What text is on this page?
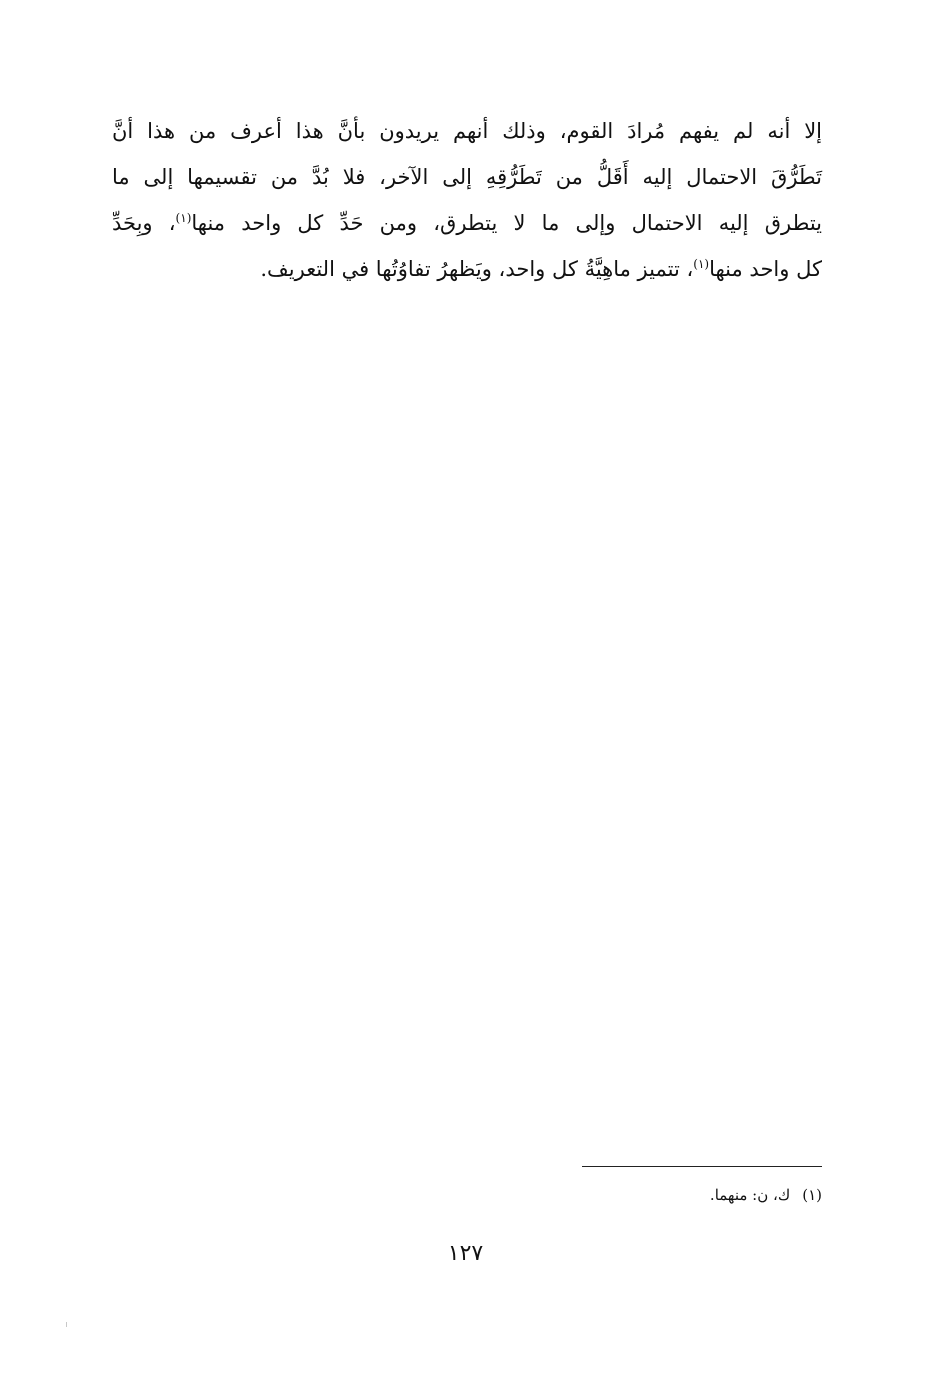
إلا أنه لم يفهم مُرادَ القوم، وذلك أنهم يريدون بأنَّ هذا أعرف من هذا أنَّ
تَطَرُّقَ الاحتمال إليه أَقَلُّ من تَطَرُّقِهِ إلى الآخر، فلا بُدَّ من تقسيمها إلى ما
يتطرق إليه الاحتمال وإلى ما لا يتطرق، ومن حَدِّ كل واحد منها$^{(١)}$، وبِحَدِّ
كل واحد منها$^{(١)}$، تتميز ماهِيَّةُ كل واحد، ويَظهرُ تفاوُتُها في التعريف.
(١)ك، ن: منهما.
١٢٧
